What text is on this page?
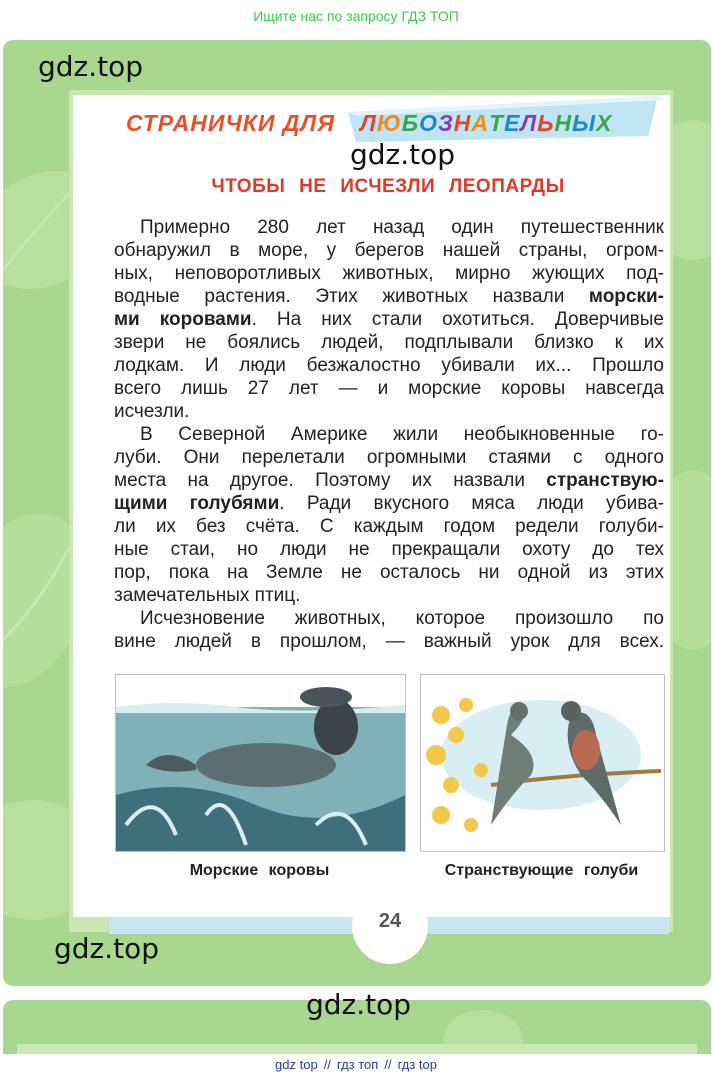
Ищите нас по запросу ГДЗ ТОП
СТРАНИЧКИ ДЛЯ ЛЮБОЗНАТЕЛЬНЫХ
ЧТОБЫ НЕ ИСЧЕЗЛИ ЛЕОПАРДЫ
Примерно 280 лет назад один путешественник
обнаружил в море, у берегов нашей страны, огром-
ных, неповоротливых животных, мирно жующих под-
водные растения. Этих животных назвали морски-
ми коровами. На них стали охотиться. Доверчивые
звери не боялись людей, подплывали близко к их
лодкам. И люди безжалостно убивали их... Прошло
всего лишь 27 лет — и морские коровы навсегда
исчезли.
В Северной Америке жили необыкновенные го-
луби. Они перелетали огромными стаями с одного
места на другое. Поэтому их назвали странствую-
щими голубями. Ради вкусного мяса люди убива-
ли их без счёта. С каждым годом редели голуби-
ные стаи, но люди не прекращали охоту до тех
пор, пока на Земле не осталось ни одной из этих
замечательных птиц.
Исчезновение животных, которое произошло по
вине людей в прошлом, — важный урок для всех.
Морские коровы	Странствующие голуби
24
gdz.top
gdz.top
gdz.top
gdz.top
gdz top // гдз топ // гдз top
